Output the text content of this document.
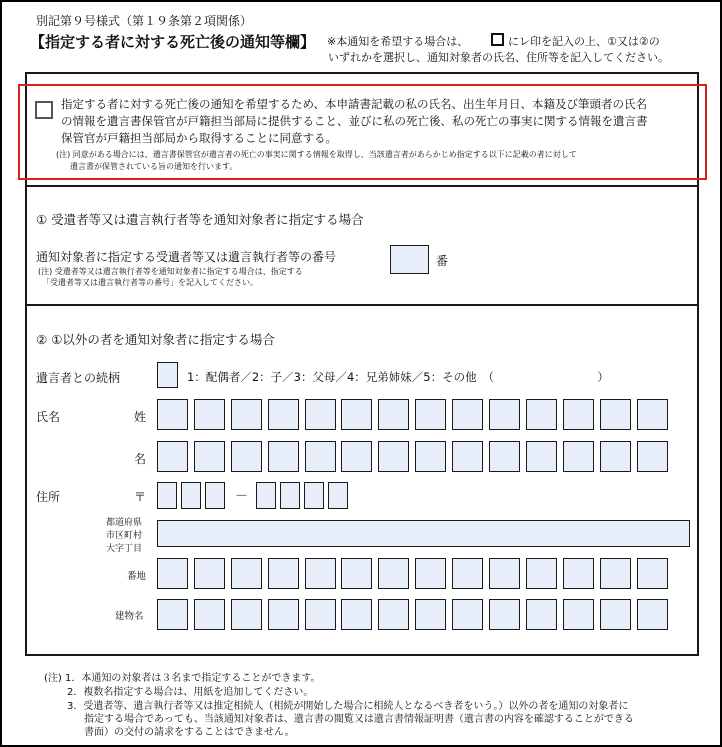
別記第９号様式（第１９条第２項関係）
【指定する者に対する死亡後の通知等欄】 ※本通知を希望する場合は、	にレ印を記入の上、①又は②の
いずれかを選択し、通知対象者の氏名、住所等を記入してください。
指定する者に対する死亡後の通知を希望するため、本申請書記載の私の氏名、出生年月日、本籍及び筆頭者の氏名
の情報を遺言書保管官が戸籍担当部局に提供すること、並びに私の死亡後、私の死亡の事実に関する情報を遺言書
保管官が戸籍担当部局から取得することに同意する。
(注) 同意がある場合には、遺言書保管官が遺言者の死亡の事実に関する情報を取得し、当該遺言者があらかじめ指定する以下に記載の者に対して
遺言書が保管されている旨の通知を行います。
① 受遺者等又は遺言執行者等を通知対象者に指定する場合
通知対象者に指定する受遺者等又は遺言執行者等の番号	番
(注) 受遺者等又は遺言執行者等を通知対象者に指定する場合は、指定する
「受遺者等又は遺言執行者等の番号」を記入してください。
② ①以外の者を通知対象者に指定する場合
遺言者との続柄	1：配偶者／2：子／3：父母／4：兄弟姉妹／5：その他　（　　　　　　　　　）
氏名	姓
名
住所	〒	－
都道府県
市区町村
大字丁目
番地
建物名
(注) 1．本通知の対象者は３名まで指定することができます。
2．複数名指定する場合は、用紙を追加してください。
3．受遺者等、遺言執行者等又は推定相続人（相続が開始した場合に相続人となるべき者をいう。）以外の者を通知の対象者に
指定する場合であっても、当該通知対象者は、遺言書の閲覧又は遺言書情報証明書（遺言書の内容を確認することができる
書面）の交付の請求をすることはできません。
